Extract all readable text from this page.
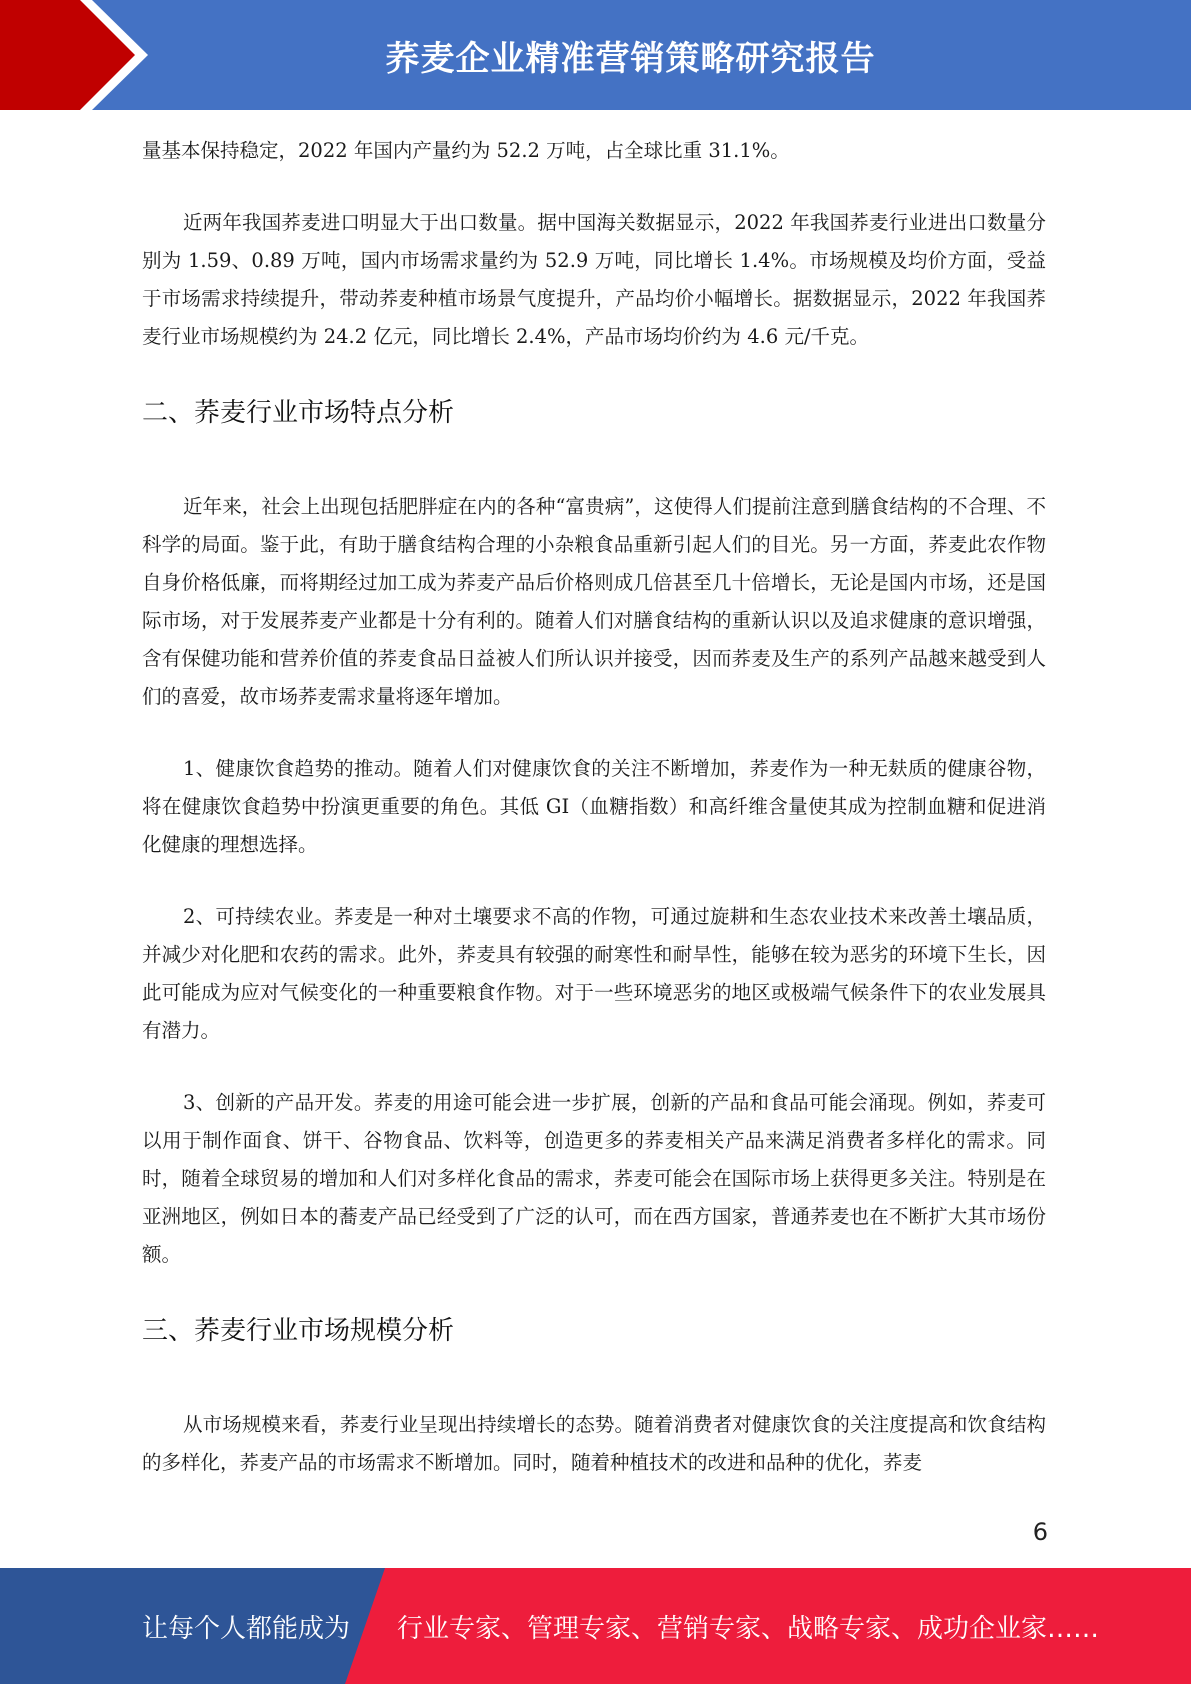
荞麦企业精准营销策略研究报告

量基本保持稳定，2022 年国内产量约为 52.2 万吨，占全球比重 31.1%。

近两年我国荞麦进口明显大于出口数量。据中国海关数据显示，2022 年我国荞麦行业进出口数量分别为 1.59、0.89 万吨，国内市场需求量约为 52.9 万吨，同比增长 1.4%。市场规模及均价方面，受益于市场需求持续提升，带动荞麦种植市场景气度提升，产品均价小幅增长。据数据显示，2022 年我国荞麦行业市场规模约为 24.2 亿元，同比增长 2.4%，产品市场均价约为 4.6 元/千克。

二、荞麦行业市场特点分析

近年来，社会上出现包括肥胖症在内的各种“富贵病”，这使得人们提前注意到膳食结构的不合理、不科学的局面。鉴于此，有助于膳食结构合理的小杂粮食品重新引起人们的目光。另一方面，荞麦此农作物自身价格低廉，而将期经过加工成为荞麦产品后价格则成几倍甚至几十倍增长，无论是国内市场，还是国际市场，对于发展荞麦产业都是十分有利的。随着人们对膳食结构的重新认识以及追求健康的意识增强，含有保健功能和营养价值的荞麦食品日益被人们所认识并接受，因而荞麦及生产的系列产品越来越受到人们的喜爱，故市场荞麦需求量将逐年增加。

1、健康饮食趋势的推动。随着人们对健康饮食的关注不断增加，荞麦作为一种无麸质的健康谷物，将在健康饮食趋势中扮演更重要的角色。其低 GI（血糖指数）和高纤维含量使其成为控制血糖和促进消化健康的理想选择。

2、可持续农业。荞麦是一种对土壤要求不高的作物，可通过旋耕和生态农业技术来改善土壤品质，并减少对化肥和农药的需求。此外，荞麦具有较强的耐寒性和耐旱性，能够在较为恶劣的环境下生长，因此可能成为应对气候变化的一种重要粮食作物。对于一些环境恶劣的地区或极端气候条件下的农业发展具有潜力。

3、创新的产品开发。荞麦的用途可能会进一步扩展，创新的产品和食品可能会涌现。例如，荞麦可以用于制作面食、饼干、谷物食品、饮料等，创造更多的荞麦相关产品来满足消费者多样化的需求。同时，随着全球贸易的增加和人们对多样化食品的需求，荞麦可能会在国际市场上获得更多关注。特别是在亚洲地区，例如日本的蕎麦产品已经受到了广泛的认可，而在西方国家，普通荞麦也在不断扩大其市场份额。

三、荞麦行业市场规模分析

从市场规模来看，荞麦行业呈现出持续增长的态势。随着消费者对健康饮食的关注度提高和饮食结构的多样化，荞麦产品的市场需求不断增加。同时，随着种植技术的改进和品种的优化，荞麦

6
让每个人都能成为 行业专家、管理专家、营销专家、战略专家、成功企业家……
